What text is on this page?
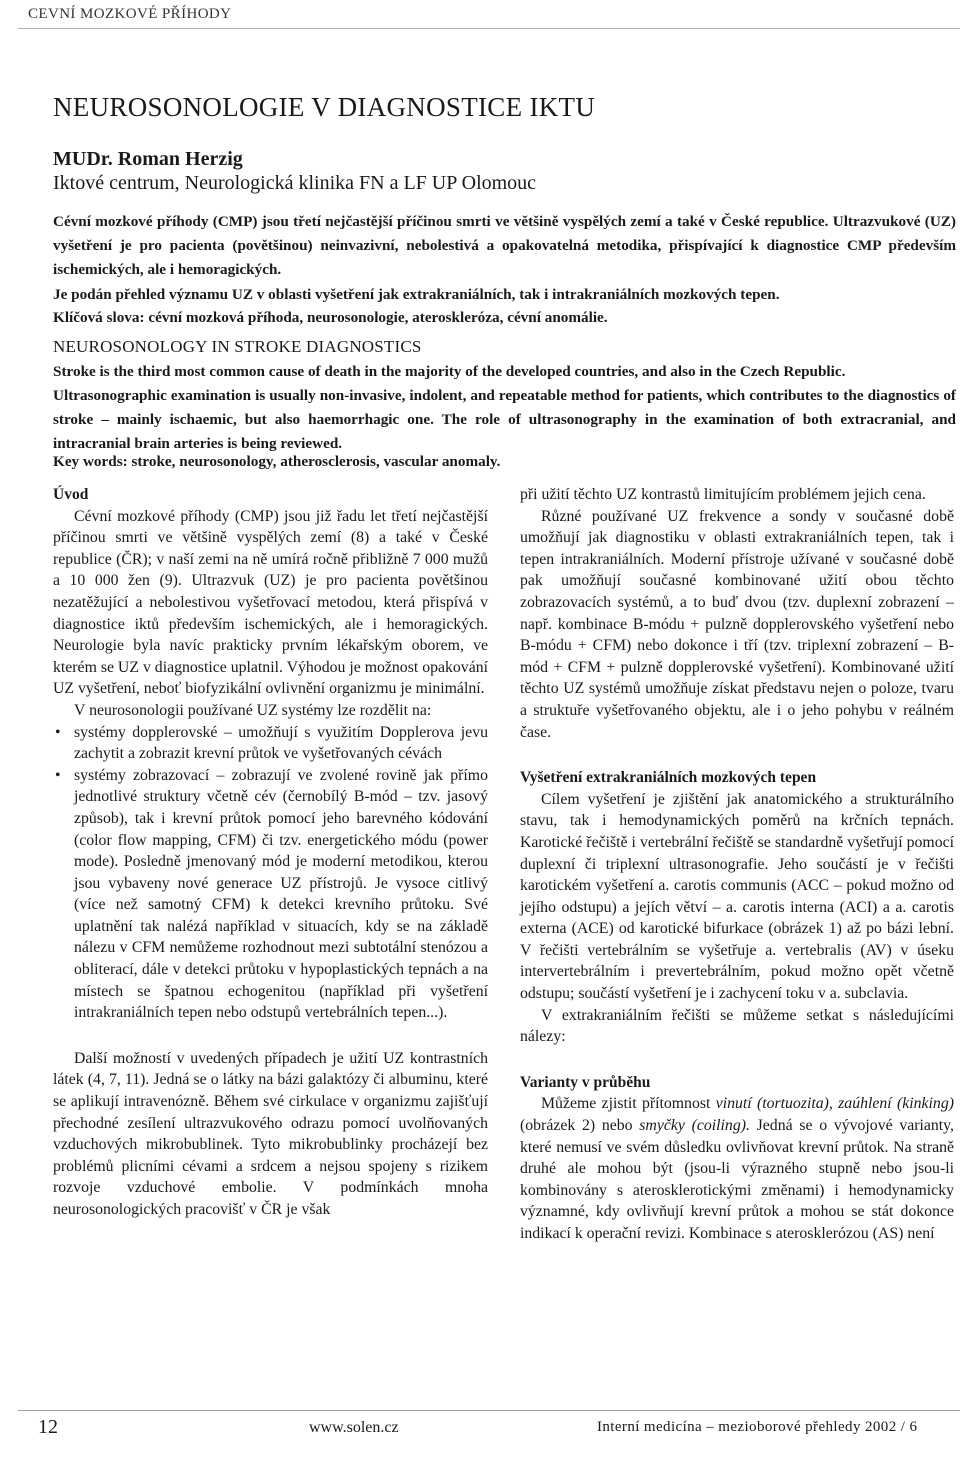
CEVNÍ MOZKOVÉ PŘÍHODY
NEUROSONOLOGIE V DIAGNOSTICE IKTU
MUDr. Roman Herzig
Iktové centrum, Neurologická klinika FN a LF UP Olomouc

Cévní mozkové příhody (CMP) jsou třetí nejčastější příčinou smrti ve většině vyspělých zemí a také v České republice. Ultrazvukové (UZ) vyšetření je pro pacienta (povětšinou) neinvazivní, nebolestivá a opakovatelná metodika, přispívající k diagnostice CMP především ischemických, ale i hemoragických.

Je podán přehled významu UZ v oblasti vyšetření jak extrakraniálních, tak i intrakraniálních mozkových tepen.

Klíčová slova: cévní mozková příhoda, neurosonologie, ateroskleróza, cévní anomálie.

NEUROSONOLOGY IN STROKE DIAGNOSTICS

Stroke is the third most common cause of death in the majority of the developed countries, and also in the Czech Republic.

Ultrasonographic examination is usually non-invasive, indolent, and repeatable method for patients, which contributes to the diagnostics of stroke – mainly ischaemic, but also haemorrhagic one. The role of ultrasonography in the examination of both extracranial, and intracranial brain arteries is being reviewed.

Key words: stroke, neurosonology, atherosclerosis, vascular anomaly.

Úvod

Cévní mozkové příhody (CMP) jsou již řadu let třetí nejčastější příčinou smrti ve většině vyspělých zemí (8) a také v České republice (ČR); v naší zemi na ně umírá ročně přibližně 7 000 mužů a 10 000 žen (9). Ultrazvuk (UZ) je pro pacienta povětšinou nezatěžující a nebolestivou vyšetřovací metodou, která přispívá v diagnostice iktů především ischemických, ale i hemoragických. Neurologie byla navíc prakticky prvním lékařským oborem, ve kterém se UZ v diagnostice uplatnil. Výhodou je možnost opakování UZ vyšetření, neboť biofyzikální ovlivnění organizmu je minimální.

V neurosonologii používané UZ systémy lze rozdělit na:

• systémy dopplerovské – umožňují s využitím Dopplerova jevu zachytit a zobrazit krevní průtok ve vyšetřovaných cévách
• systémy zobrazovací – zobrazují ve zvolené rovině jak přímo jednotlivé struktury včetně cév (černobílý B-mód – tzv. jasový způsob), tak i krevní průtok pomocí jeho barevného kódování (color flow mapping, CFM) či tzv. energetického módu (power mode). Posledně jmenovaný mód je moderní metodikou, kterou jsou vybaveny nové generace UZ přístrojů. Je vysoce citlivý (více než samotný CFM) k detekci krevního průtoku. Své uplatnění tak nalézá například v situacích, kdy se na základě nálezu v CFM nemůžeme rozhodnout mezi subtotální stenózou a obliterací, dále v detekci průtoku v hypoplastických tepnách a na místech se špatnou echogenitou (například při vyšetření intrakraniálních tepen nebo odstupů vertebrálních tepen...).

Další možností v uvedených případech je užití UZ kontrastních látek (4, 7, 11). Jedná se o látky na bázi galaktózy či albuminu, které se aplikují intravenózně. Během své cirkulace v organizmu zajišťují přechodné zesílení ultrazvukového odrazu pomocí uvolňovaných vzduchových mikrobublinek. Tyto mikrobublinky procházejí bez problémů plicními cévami a srdcem a nejsou spojeny s rizikem rozvoje vzduchové embolie. V podmínkách mnoha neurosonologických pracovišť v ČR je však

při užití těchto UZ kontrastů limitujícím problémem jejich cena.

Různé používané UZ frekvence a sondy v současné době umožňují jak diagnostiku v oblasti extrakraniálních tepen, tak i tepen intrakraniálních. Moderní přístroje užívané v současné době pak umožňují současné kombinované užití obou těchto zobrazovacích systémů, a to buď dvou (tzv. duplexní zobrazení – např. kombinace B-módu + pulzně dopplerovského vyšetření nebo B-módu + CFM) nebo dokonce i tří (tzv. triplexní zobrazení – B-mód + CFM + pulzně dopplerovské vyšetření). Kombinované užití těchto UZ systémů umožňuje získat představu nejen o poloze, tvaru a struktuře vyšetřovaného objektu, ale i o jeho pohybu v reálném čase.

Vyšetření extrakraniálních mozkových tepen

Cílem vyšetření je zjištění jak anatomického a strukturálního stavu, tak i hemodynamických poměrů na krčních tepnách. Karotické řečiště i vertebrální řečiště se standardně vyšetřují pomocí duplexní či triplexní ultrasonografie. Jeho součástí je v řečišti karotickém vyšetření a. carotis communis (ACC – pokud možno od jejího odstupu) a jejích větví – a. carotis interna (ACI) a a. carotis externa (ACE) od karotické bifurkace (obrázek 1) až po bázi lební. V řečišti vertebrálním se vyšetřuje a. vertebralis (AV) v úseku intervertebrálním i prevertebrálním, pokud možno opět včetně odstupu; součástí vyšetření je i zachycení toku v a. subclavia.

V extrakraniálním řečišti se můžeme setkat s následujícími nálezy:

Varianty v průběhu

Můžeme zjistit přítomnost vinutí (tortuozita), zaúhlení (kinking) (obrázek 2) nebo smyčky (coiling). Jedná se o vývojové varianty, které nemusí ve svém důsledku ovlivňovat krevní průtok. Na straně druhé ale mohou být (jsou-li výrazného stupně nebo jsou-li kombinovány s aterosklerotickými změnami) i hemodynamicky významné, kdy ovlivňují krevní průtok a mohou se stát dokonce indikací k operační revizi. Kombinace s aterosklerózou (AS) není

12	www.solen.cz	Interní medicína – mezioborové přehledy 2002 / 6
